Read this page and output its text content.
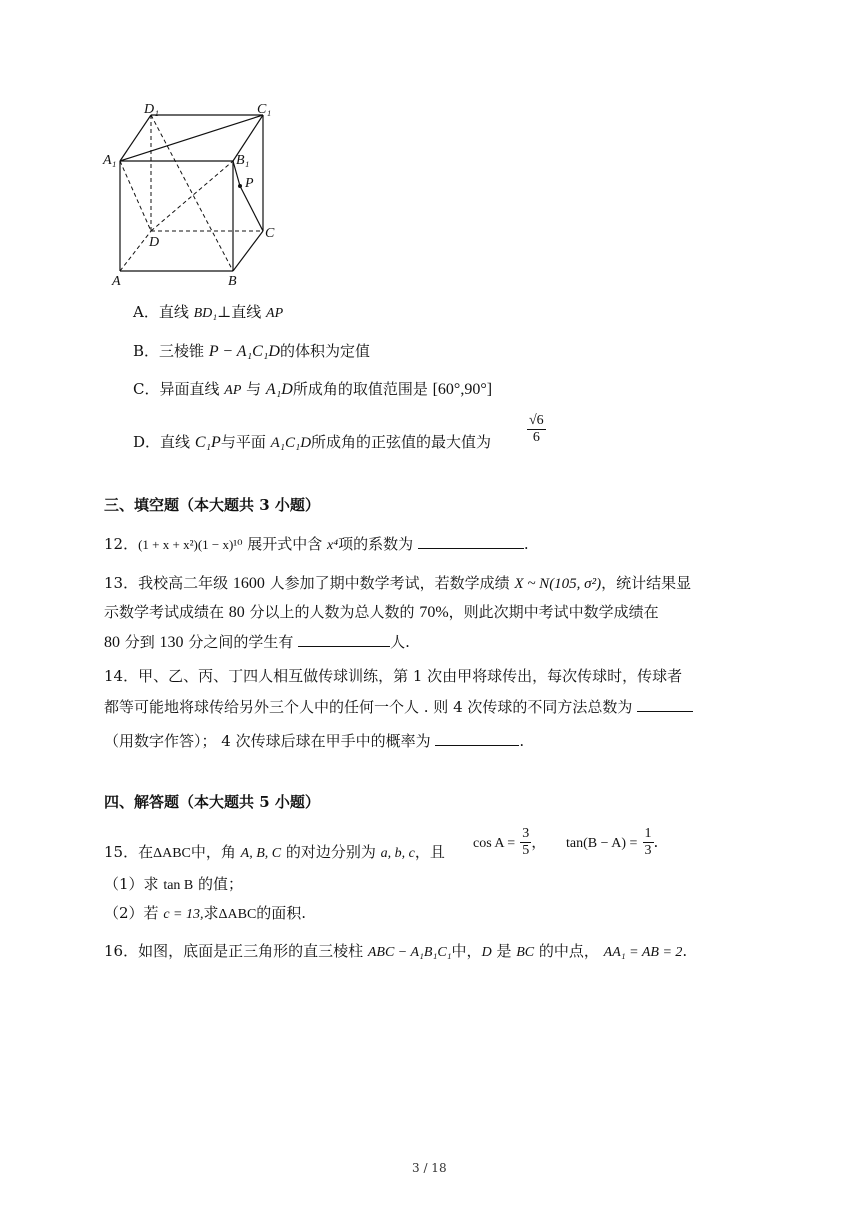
D₁	C₁
A₁	B₁
P
D
C
A	B
A．直线 BD₁⊥直线 AP
B．三棱锥 P − A₁C₁D的体积为定值
C．异面直线 AP 与 A₁D所成角的取值范围是 [60°,90°]
D．直线 C₁P与平面 A₁C₁D所成角的正弦值的最大值为	$\frac{√6}{6}$
三、填空题（本大题共 3 小题）
12．(1 + x + x²)(1 − x)¹⁰ 展开式中含 x⁴项的系数为	.
13．我校高二年级 1600 人参加了期中数学考试，若数学成绩 X ~ N(105, σ²)，统计结果显
示数学考试成绩在 80 分以上的人数为总人数的 70%，则此次期中考试中数学成绩在
80 分到 130 分之间的学生有	人.
14．甲、乙、丙、丁四人相互做传球训练，第 1 次由甲将球传出，每次传球时，传球者
都等可能地将球传给另外三个人中的任何一个人 . 则 4 次传球的不同方法总数为
（用数字作答）； 4 次传球后球在甲手中的概率为	.
四、解答题（本大题共 5 小题）
15．在ΔABC中，角 A, B, C 的对边分别为 a, b, c，且 $\cos A = \frac{3}{5}$ ， $\tan(B - A) = \frac{1}{3}$ .
（1）求 tan B 的值；
（2）若 c = 13,求ΔABC的面积.
16．如图，底面是正三角形的直三棱柱 ABC − A₁B₁C₁中，D 是 BC 的中点， AA₁ = AB = 2.
3 / 18
